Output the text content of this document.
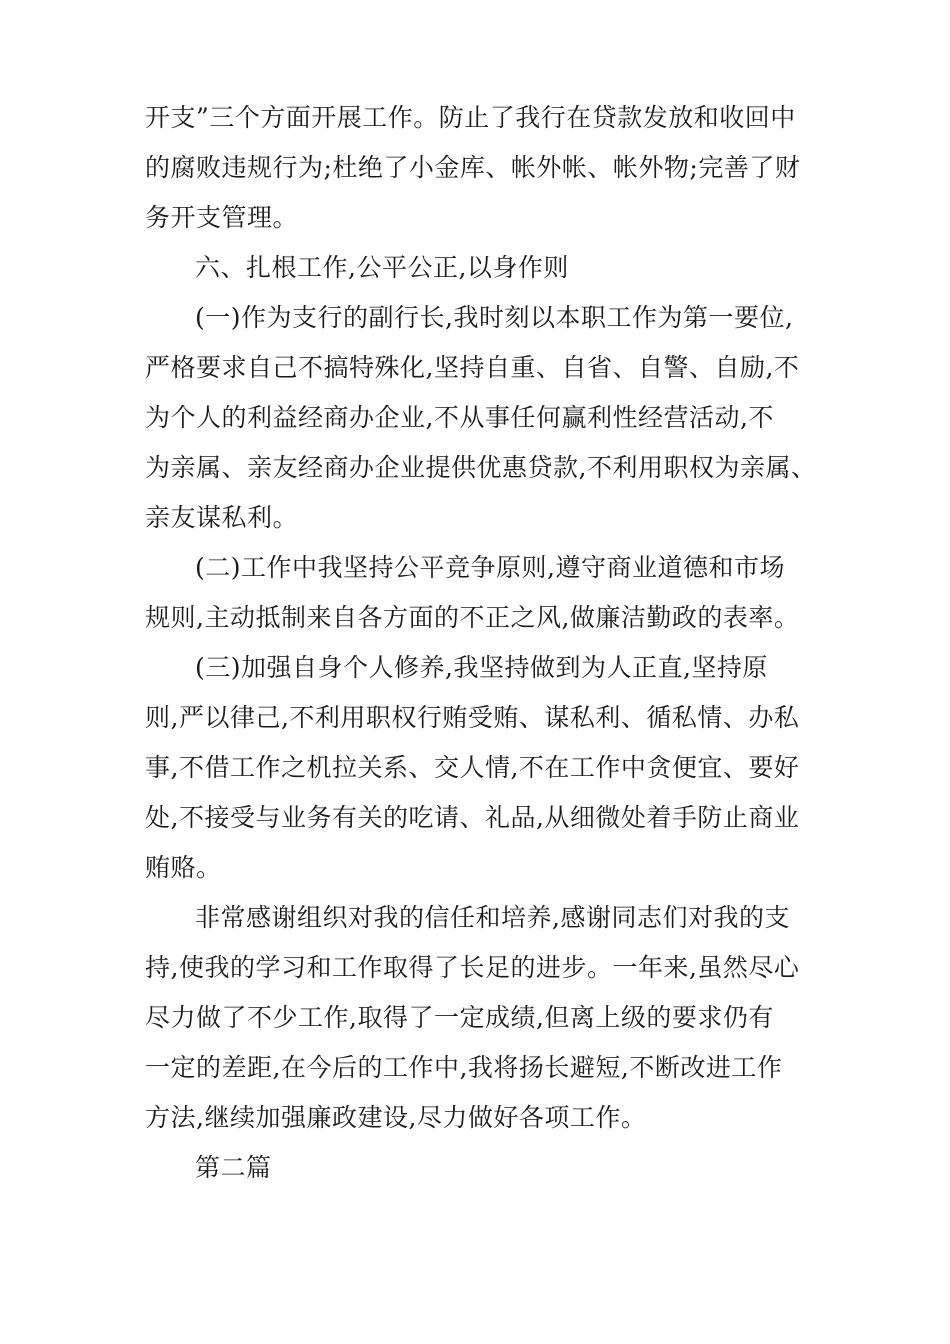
开支”三个方面开展工作。防止了我行在贷款发放和收回中
的腐败违规行为;杜绝了小金库、帐外帐、帐外物;完善了财
务开支管理。
六、扎根工作,公平公正,以身作则
(一)作为支行的副行长,我时刻以本职工作为第一要位,
严格要求自己不搞特殊化,坚持自重、自省、自警、自励,不
为个人的利益经商办企业,不从事任何赢利性经营活动,不
为亲属、亲友经商办企业提供优惠贷款,不利用职权为亲属、
亲友谋私利。
(二)工作中我坚持公平竞争原则,遵守商业道德和市场
规则,主动抵制来自各方面的不正之风,做廉洁勤政的表率。
(三)加强自身个人修养,我坚持做到为人正直,坚持原
则,严以律己,不利用职权行贿受贿、谋私利、循私情、办私
事,不借工作之机拉关系、交人情,不在工作中贪便宜、要好
处,不接受与业务有关的吃请、礼品,从细微处着手防止商业
贿赂。
非常感谢组织对我的信任和培养,感谢同志们对我的支
持,使我的学习和工作取得了长足的进步。一年来,虽然尽心
尽力做了不少工作,取得了一定成绩,但离上级的要求仍有
一定的差距,在今后的工作中,我将扬长避短,不断改进工作
方法,继续加强廉政建设,尽力做好各项工作。
第二篇
